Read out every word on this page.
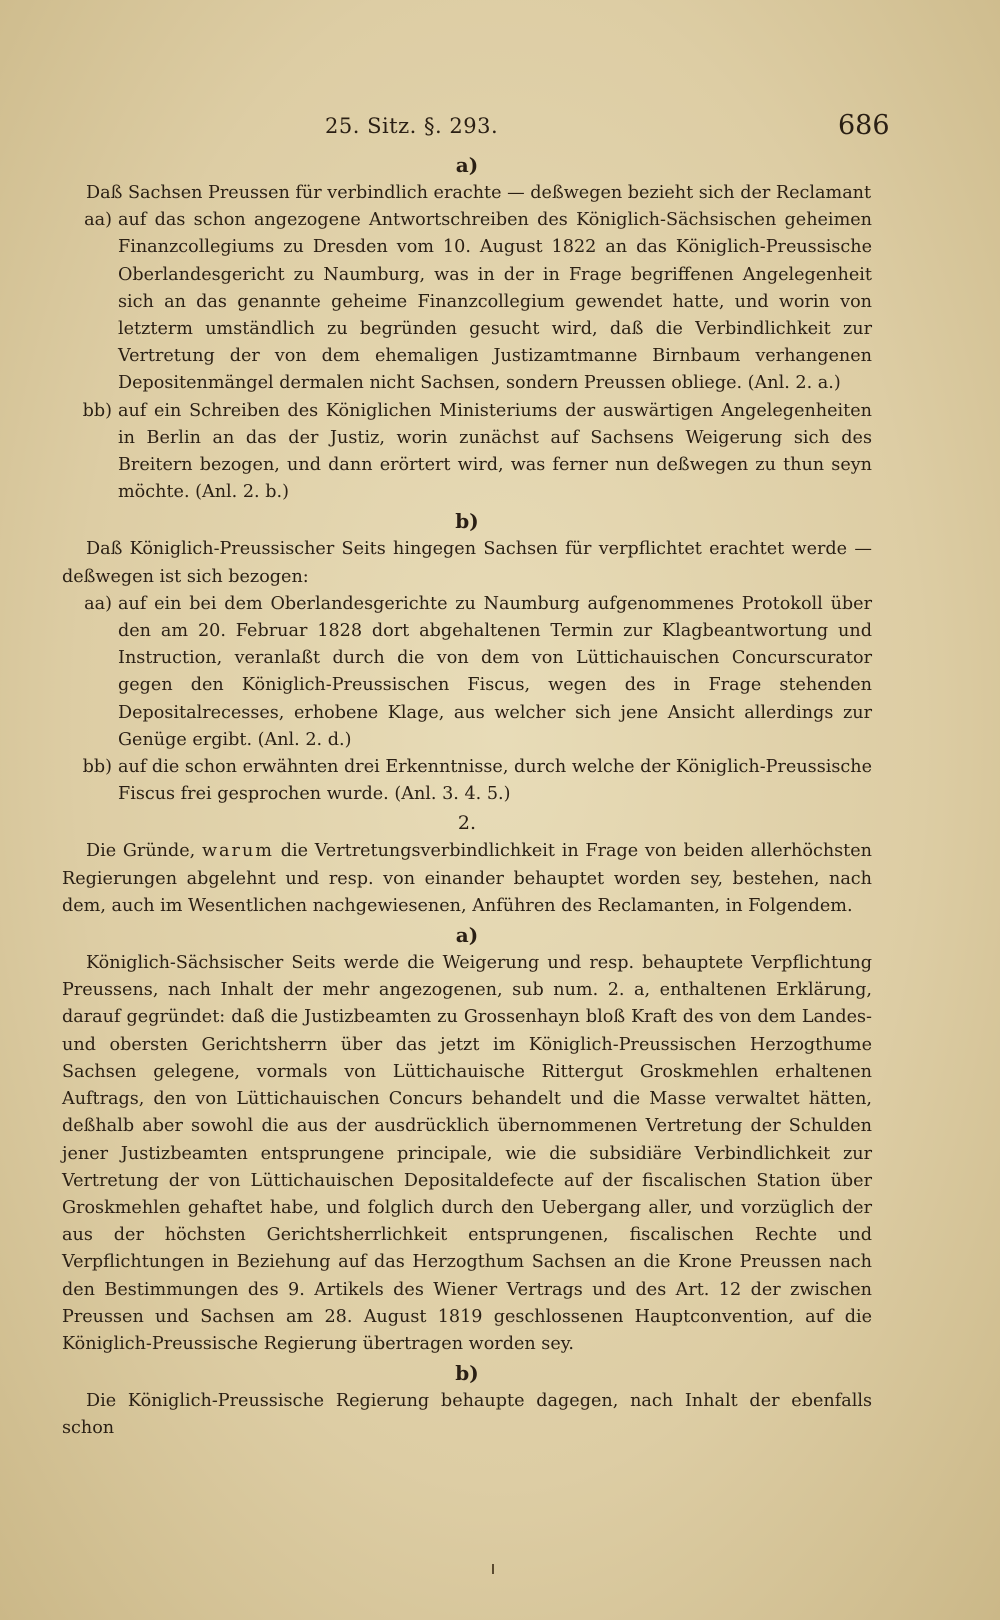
25. Sitz. §. 293.	686
a)

Daß Sachsen Preussen für verbindlich erachte — deßwegen bezieht sich der Reclamant

aa) auf das schon angezogene Antwortschreiben des Königlich-Sächsischen geheimen Finanzcollegiums zu Dresden vom 10. August 1822 an das Königlich-Preussische Oberlandesgericht zu Naumburg, was in der in Frage begriffenen Angelegenheit sich an das genannte geheime Finanzcollegium gewendet hatte, und worin von letzterm umständlich zu begründen gesucht wird, daß die Verbindlichkeit zur Vertretung der von dem ehemaligen Justizamtmanne Birnbaum verhangenen Depositenmängel dermalen nicht Sachsen, sondern Preussen obliege. (Anl. 2. a.)
bb) auf ein Schreiben des Königlichen Ministeriums der auswärtigen Angelegenheiten in Berlin an das der Justiz, worin zunächst auf Sachsens Weigerung sich des Breitern bezogen, und dann erörtert wird, was ferner nun deßwegen zu thun seyn möchte. (Anl. 2. b.)
b)

Daß Königlich-Preussischer Seits hingegen Sachsen für verpflichtet erachtet werde — deßwegen ist sich bezogen:

aa) auf ein bei dem Oberlandesgerichte zu Naumburg aufgenommenes Protokoll über den am 20. Februar 1828 dort abgehaltenen Termin zur Klagbeantwortung und Instruction, veranlaßt durch die von dem von Lüttichauischen Concurscurator gegen den Königlich-Preussischen Fiscus, wegen des in Frage stehenden Depositalrecesses, erhobene Klage, aus welcher sich jene Ansicht allerdings zur Genüge ergibt. (Anl. 2. d.)
bb) auf die schon erwähnten drei Erkenntnisse, durch welche der Königlich-Preussische Fiscus frei gesprochen wurde. (Anl. 3. 4. 5.)
2.

Die Gründe, warum die Vertretungsverbindlichkeit in Frage von beiden allerhöchsten Regierungen abgelehnt und resp. von einander behauptet worden sey, bestehen, nach dem, auch im Wesentlichen nachgewiesenen, Anführen des Reclamanten, in Folgendem.

a)

Königlich-Sächsischer Seits werde die Weigerung und resp. behauptete Verpflichtung Preussens, nach Inhalt der mehr angezogenen, sub num. 2. a, enthaltenen Erklärung, darauf gegründet: daß die Justizbeamten zu Grossenhayn bloß Kraft des von dem Landes- und obersten Gerichtsherrn über das jetzt im Königlich-Preussischen Herzogthume Sachsen gelegene, vormals von Lüttichauische Rittergut Groskmehlen erhaltenen Auftrags, den von Lüttichauischen Concurs behandelt und die Masse verwaltet hätten, deßhalb aber sowohl die aus der ausdrücklich übernommenen Vertretung der Schulden jener Justizbeamten entsprungene principale, wie die subsidiäre Verbindlichkeit zur Vertretung der von Lüttichauischen Depositaldefecte auf der fiscalischen Station über Groskmehlen gehaftet habe, und folglich durch den Uebergang aller, und vorzüglich der aus der höchsten Gerichtsherrlichkeit entsprungenen, fiscalischen Rechte und Verpflichtungen in Beziehung auf das Herzogthum Sachsen an die Krone Preussen nach den Bestimmungen des 9. Artikels des Wiener Vertrags und des Art. 12 der zwischen Preussen und Sachsen am 28. August 1819 geschlossenen Hauptconvention, auf die Königlich-Preussische Regierung übertragen worden sey.

b)

Die Königlich-Preussische Regierung behaupte dagegen, nach Inhalt der ebenfalls schon
